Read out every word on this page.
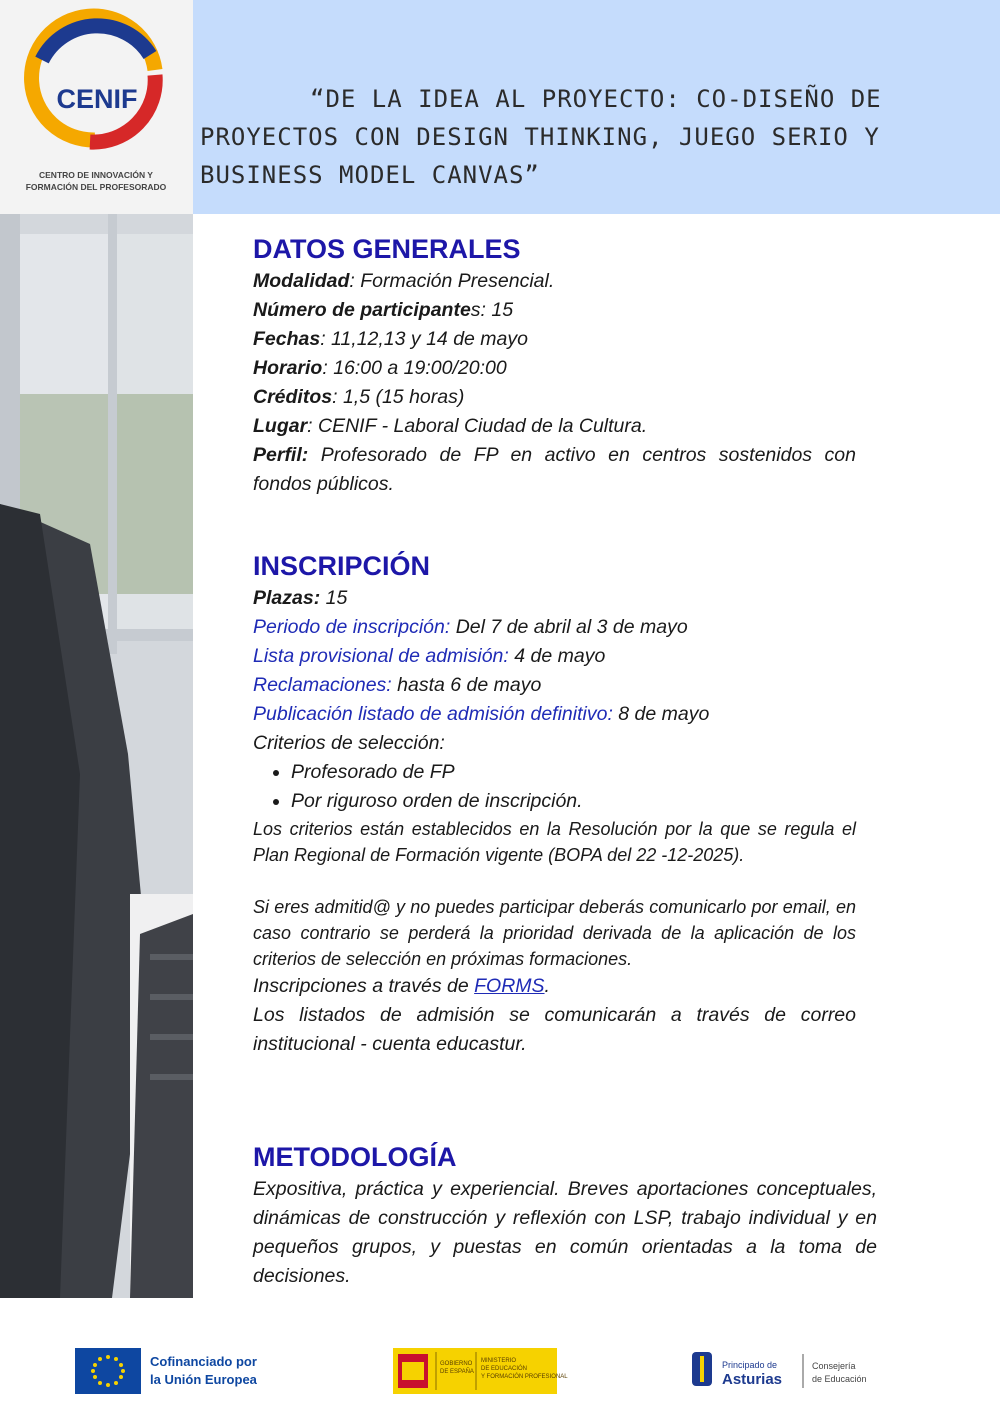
CENIF
CENTRO DE INNOVACIÓN Y
FORMACIÓN DEL PROFESORADO
“DE LA IDEA AL PROYECTO: CO-DISEÑO DE PROYECTOS CON DESIGN THINKING, JUEGO SERIO Y BUSINESS MODEL CANVAS”
DATOS GENERALES

Modalidad: Formación Presencial.

Número de participantes: 15

Fechas: 11,12,13 y 14 de mayo

Horario: 16:00 a 19:00/20:00

Créditos: 1,5 (15 horas)

Lugar: CENIF - Laboral Ciudad de la Cultura.

Perfil: Profesorado de FP en activo en centros sostenidos con fondos públicos.

INSCRIPCIÓN

Plazas: 15

Periodo de inscripción: Del 7 de abril al 3 de mayo

Lista provisional de admisión: 4 de mayo

Reclamaciones: hasta 6 de mayo

Publicación listado de admisión definitivo: 8 de mayo

Criterios de selección:

• Profesorado de FP
• Por riguroso orden de inscripción.

Los criterios están establecidos en la Resolución por la que se regula el Plan Regional de Formación vigente (BOPA del 22 -12-2025).

Si eres admitid@ y no puedes participar deberás comunicarlo por email, en caso contrario se perderá la prioridad derivada de la aplicación de los criterios de selección en próximas formaciones.

Inscripciones a través de FORMS.

Los listados de admisión se comunicarán a través de correo institucional - cuenta educastur.

METODOLOGÍA

Expositiva, práctica y experiencial. Breves aportaciones conceptuales, dinámicas de construcción y reflexión con LSP, trabajo individual y en pequeños grupos, y puestas en común orientadas a la toma de decisiones.

Cofinanciado por
la Unión Europea
GOBIERNO
DE ESPAÑA
MINISTERIO
DE EDUCACIÓN
Y FORMACIÓN PROFESIONAL
Principado de
Asturias
Consejería
de Educación
